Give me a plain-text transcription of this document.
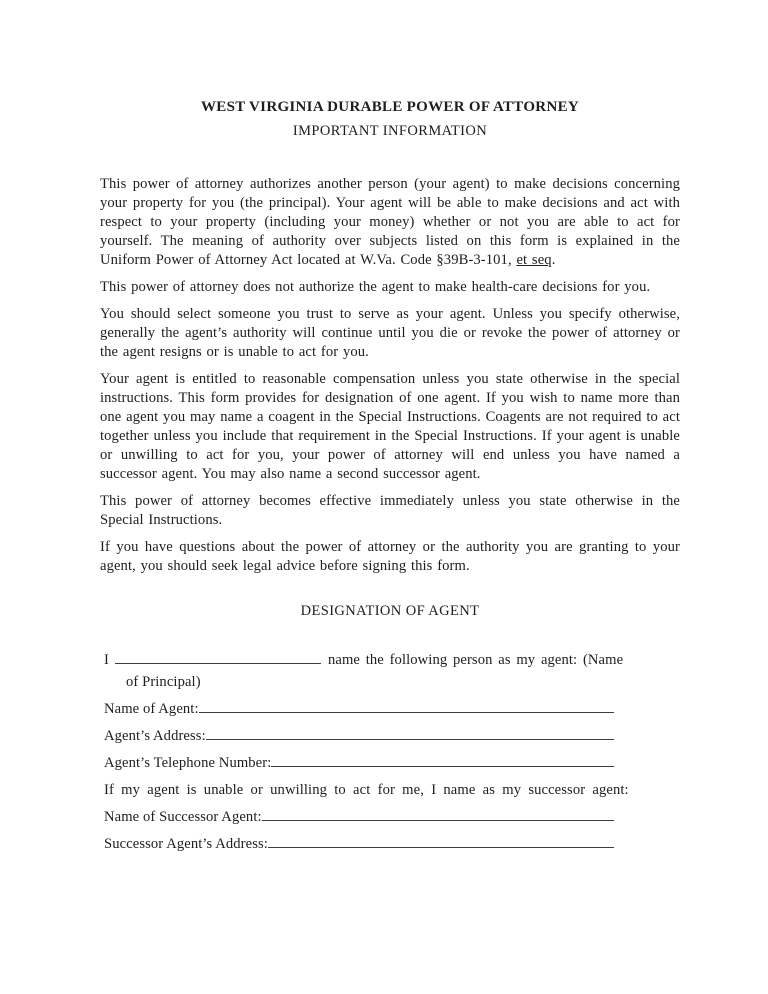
WEST VIRGINIA DURABLE POWER OF ATTORNEY
IMPORTANT INFORMATION

This power of attorney authorizes another person (your agent) to make decisions concerning your property for you (the principal). Your agent will be able to make decisions and act with respect to your property (including your money) whether or not you are able to act for yourself. The meaning of authority over subjects listed on this form is explained in the Uniform Power of Attorney Act located at W.Va. Code §39B-3-101, et seq.

This power of attorney does not authorize the agent to make health-care decisions for you.

You should select someone you trust to serve as your agent. Unless you specify otherwise, generally the agent’s authority will continue until you die or revoke the power of attorney or the agent resigns or is unable to act for you.

Your agent is entitled to reasonable compensation unless you state otherwise in the special instructions. This form provides for designation of one agent. If you wish to name more than one agent you may name a coagent in the Special Instructions. Coagents are not required to act together unless you include that requirement in the Special Instructions. If your agent is unable or unwilling to act for you, your power of attorney will end unless you have named a successor agent. You may also name a second successor agent.

This power of attorney becomes effective immediately unless you state otherwise in the Special Instructions.

If you have questions about the power of attorney or the authority you are granting to your agent, you should seek legal advice before signing this form.

DESIGNATION OF AGENT
I	name the following person as my agent: (Name
of Principal)
Name of Agent:
Agent’s Address:
Agent’s Telephone Number:
If my agent is unable or unwilling to act for me, I name as my successor agent:
Name of Successor Agent:
Successor Agent’s Address:
